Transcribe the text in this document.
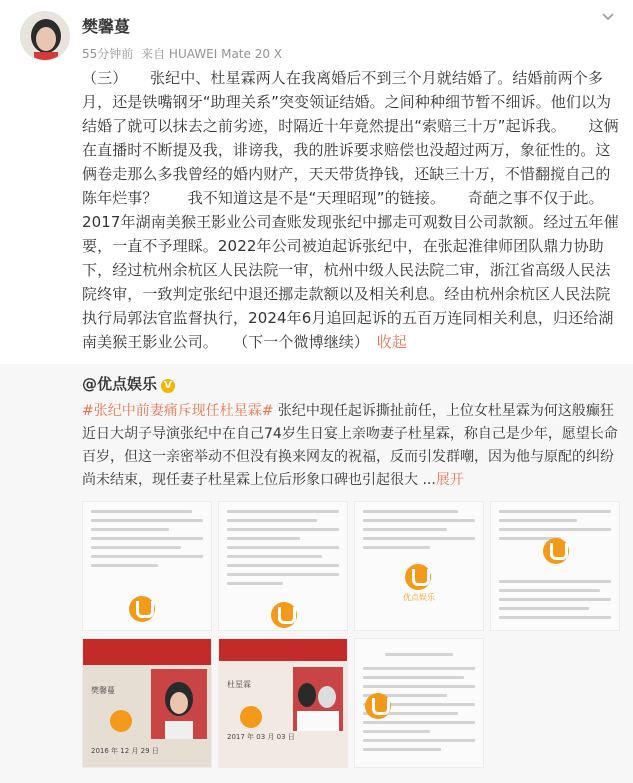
樊馨蔓
55分钟前 来自 HUAWEI Mate 20 X

（三）　　张纪中、杜星霖两人在我离婚后不到三个月就结婚了。结婚前两个多月，还是铁嘴钢牙“助理关系”突变领证结婚。之间种种细节暂不细诉。他们以为结婚了就可以抹去之前劣迹，时隔近十年竟然提出“索赔三十万”起诉我。　　这俩在直播时不断提及我，诽谤我，我的胜诉要求赔偿也没超过两万，象征性的。这俩卷走那么多我曾经的婚内财产，天天带货挣钱，还缺三十万，不惜翻搅自己的陈年烂事？　　我不知道这是不是“天理昭现”的链接。　　奇葩之事不仅于此。

2017年湖南美猴王影业公司查账发现张纪中挪走可观数目公司款额。经过五年催要，一直不予理睬。2022年公司被迫起诉张纪中，在张起淮律师团队鼎力协助下，经过杭州余杭区人民法院一审，杭州中级人民法院二审，浙江省高级人民法院终审，一致判定张纪中退还挪走款额以及相关利息。经由杭州余杭区人民法院执行局郭法官监督执行，2024年6月追回起诉的五百万连同相关利息，归还给湖南美猴王影业公司。　　（下一个微博继续）　收起

@优点娱乐 V
#张纪中前妻痛斥现任杜星霖# 张纪中现任起诉撕扯前任，上位女杜星霖为何这般癫狂
近日大胡子导演张纪中在自己74岁生日宴上亲吻妻子杜星霖，称自己是少年，愿望长命百岁，但这一亲密举动不但没有换来网友的祝福，反而引发群嘲，因为他与原配的纠纷尚未结束，现任妻子杜星霖上位后形象口碑也引起很大 ...展开
优点娱乐
樊馨蔓
2016 年 12 月 29 日
杜星霖
2017 年 03 月 03 日
